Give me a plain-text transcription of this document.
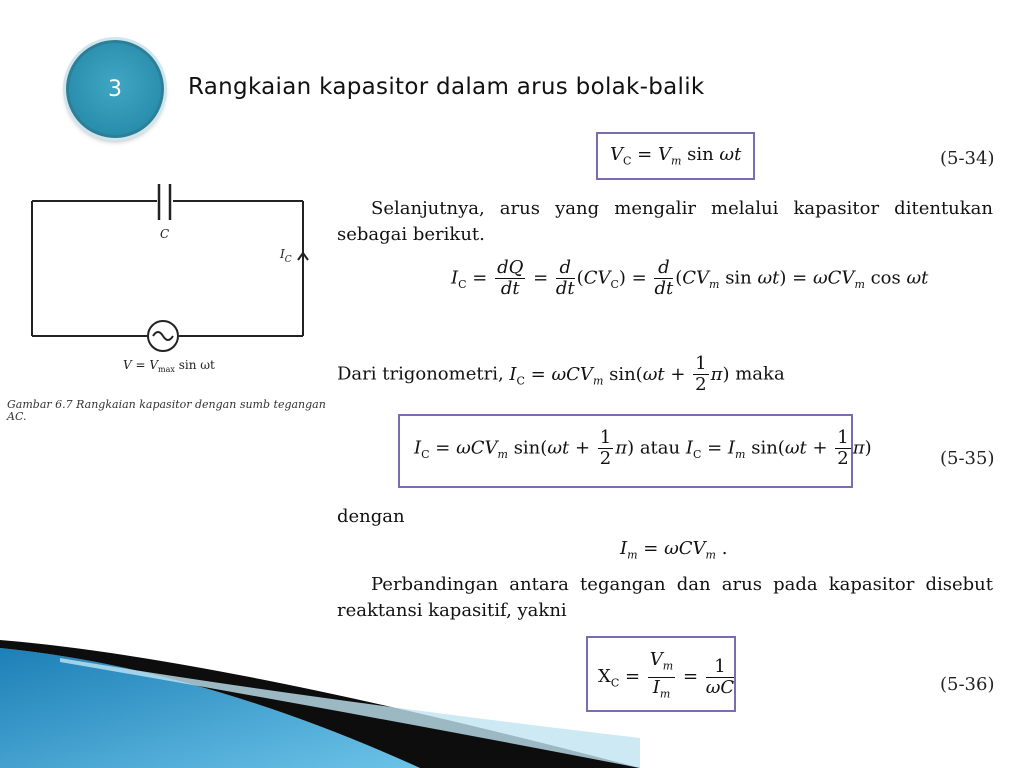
3	Rangkaian kapasitor dalam arus bolak-balik
C
$I_C$
$V = V_{max}$ sin ωt
Gambar 6.7 Rangkaian kapasitor dengan sumb tegangan AC.
$V_C = V_m$ sin ωt	(5-34)
Selanjutnya, arus yang mengalir melalui kapasitor ditentukan sebagai berikut.
$I_C = \frac{dQ}{dt} = \frac{d}{dt} (CV_C) = \frac{d}{dt} (CV_m$ sin ωt) = ωCV$_m$ cos ωt
Dari trigonometri, $I_C = \omega CV_m$ $\sin(\omega t + \frac{1}{2} \pi)$ maka
$I_C = \omega CV_m$ $\sin(\omega t + \frac{1}{2} \pi)$ atau $I_C = I_m$ $\sin(\omega t + \frac{1}{2} \pi)$	(5-35)
dengan
$I_m = \omega CV_m$ .
Perbandingan antara tegangan dan arus pada kapasitor disebut reaktansi kapasitif, yakni
$X_C = \frac{V_m}{I_m} = \frac{1}{\omega C}$	(5-36)
